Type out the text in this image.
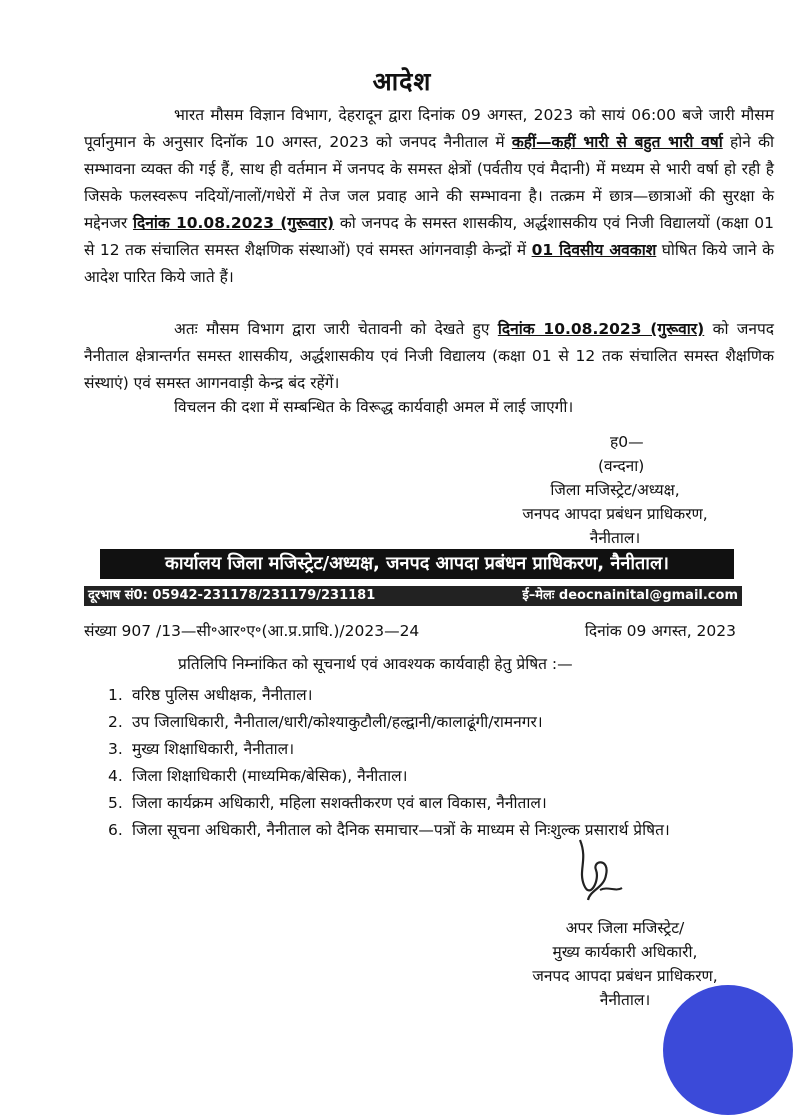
आदेश
भारत मौसम विज्ञान विभाग, देहरादून द्वारा दिनांक 09 अगस्त, 2023 को सायं 06:00 बजे जारी मौसम पूर्वानुमान के अनुसार दिनॉक 10 अगस्त, 2023 को जनपद नैनीताल में कहीं—कहीं भारी से बहुत भारी वर्षा होने की सम्भावना व्यक्त की गई हैं, साथ ही वर्तमान में जनपद के समस्त क्षेत्रों (पर्वतीय एवं मैदानी) में मध्यम से भारी वर्षा हो रही है जिसके फलस्वरूप नदियों/नालों/गधेरों में तेज जल प्रवाह आने की सम्भावना है। तत्क्रम में छात्र—छात्राओं की सुरक्षा के मद्देनजर दिनांक 10.08.2023 (गुरूवार) को जनपद के समस्त शासकीय, अर्द्धशासकीय एवं निजी विद्यालयों (कक्षा 01 से 12 तक संचालित समस्त शैक्षणिक संस्थाओं) एवं समस्त आंगनवाड़ी केन्द्रों में 01 दिवसीय अवकाश घोषित किये जाने के आदेश पारित किये जाते हैं।
अतः मौसम विभाग द्वारा जारी चेतावनी को देखते हुए दिनांक 10.08.2023 (गुरूवार) को जनपद नैनीताल क्षेत्रान्तर्गत समस्त शासकीय, अर्द्धशासकीय एवं निजी विद्यालय (कक्षा 01 से 12 तक संचालित समस्त शैक्षणिक संस्थाएं) एवं समस्त आगनवाड़ी केन्द्र बंद रहेंगें।
विचलन की दशा में सम्बन्धित के विरूद्ध कार्यवाही अमल में लाई जाएगी।
ह0—
(वन्दना)
जिला मजिस्ट्रेट/अध्यक्ष,
जनपद आपदा प्रबंधन प्राधिकरण,
नैनीताल।
कार्यालय जिला मजिस्ट्रेट/अध्यक्ष, जनपद आपदा प्रबंधन प्राधिकरण, नैनीताल।
दूरभाष सं0: 05942-231178/231179/231181	ई–मेलः deocnainital@gmail.com
संख्या 907 /13—सी॰आर॰ए॰(आ.प्र.प्राधि.)/2023—24	दिनांक 09 अगस्त, 2023
प्रतिलिपि निम्नांकित को सूचनार्थ एवं आवश्यक कार्यवाही हेतु प्रेषित :—
1. वरिष्ठ पुलिस अधीक्षक, नैनीताल।
2. उप जिलाधिकारी, नैनीताल/धारी/कोश्याकुटौली/हल्द्वानी/कालाढूंगी/रामनगर।
3. मुख्य शिक्षाधिकारी, नैनीताल।
4. जिला शिक्षाधिकारी (माध्यमिक/बेसिक), नैनीताल।
5. जिला कार्यक्रम अधिकारी, महिला सशक्तीकरण एवं बाल विकास, नैनीताल।
6. जिला सूचना अधिकारी, नैनीताल को दैनिक समाचार—पत्रों के माध्यम से निःशुल्क प्रसारार्थ प्रेषित।
अपर जिला मजिस्ट्रेट/
मुख्य कार्यकारी अधिकारी,
जनपद आपदा प्रबंधन प्राधिकरण,
नैनीताल।
